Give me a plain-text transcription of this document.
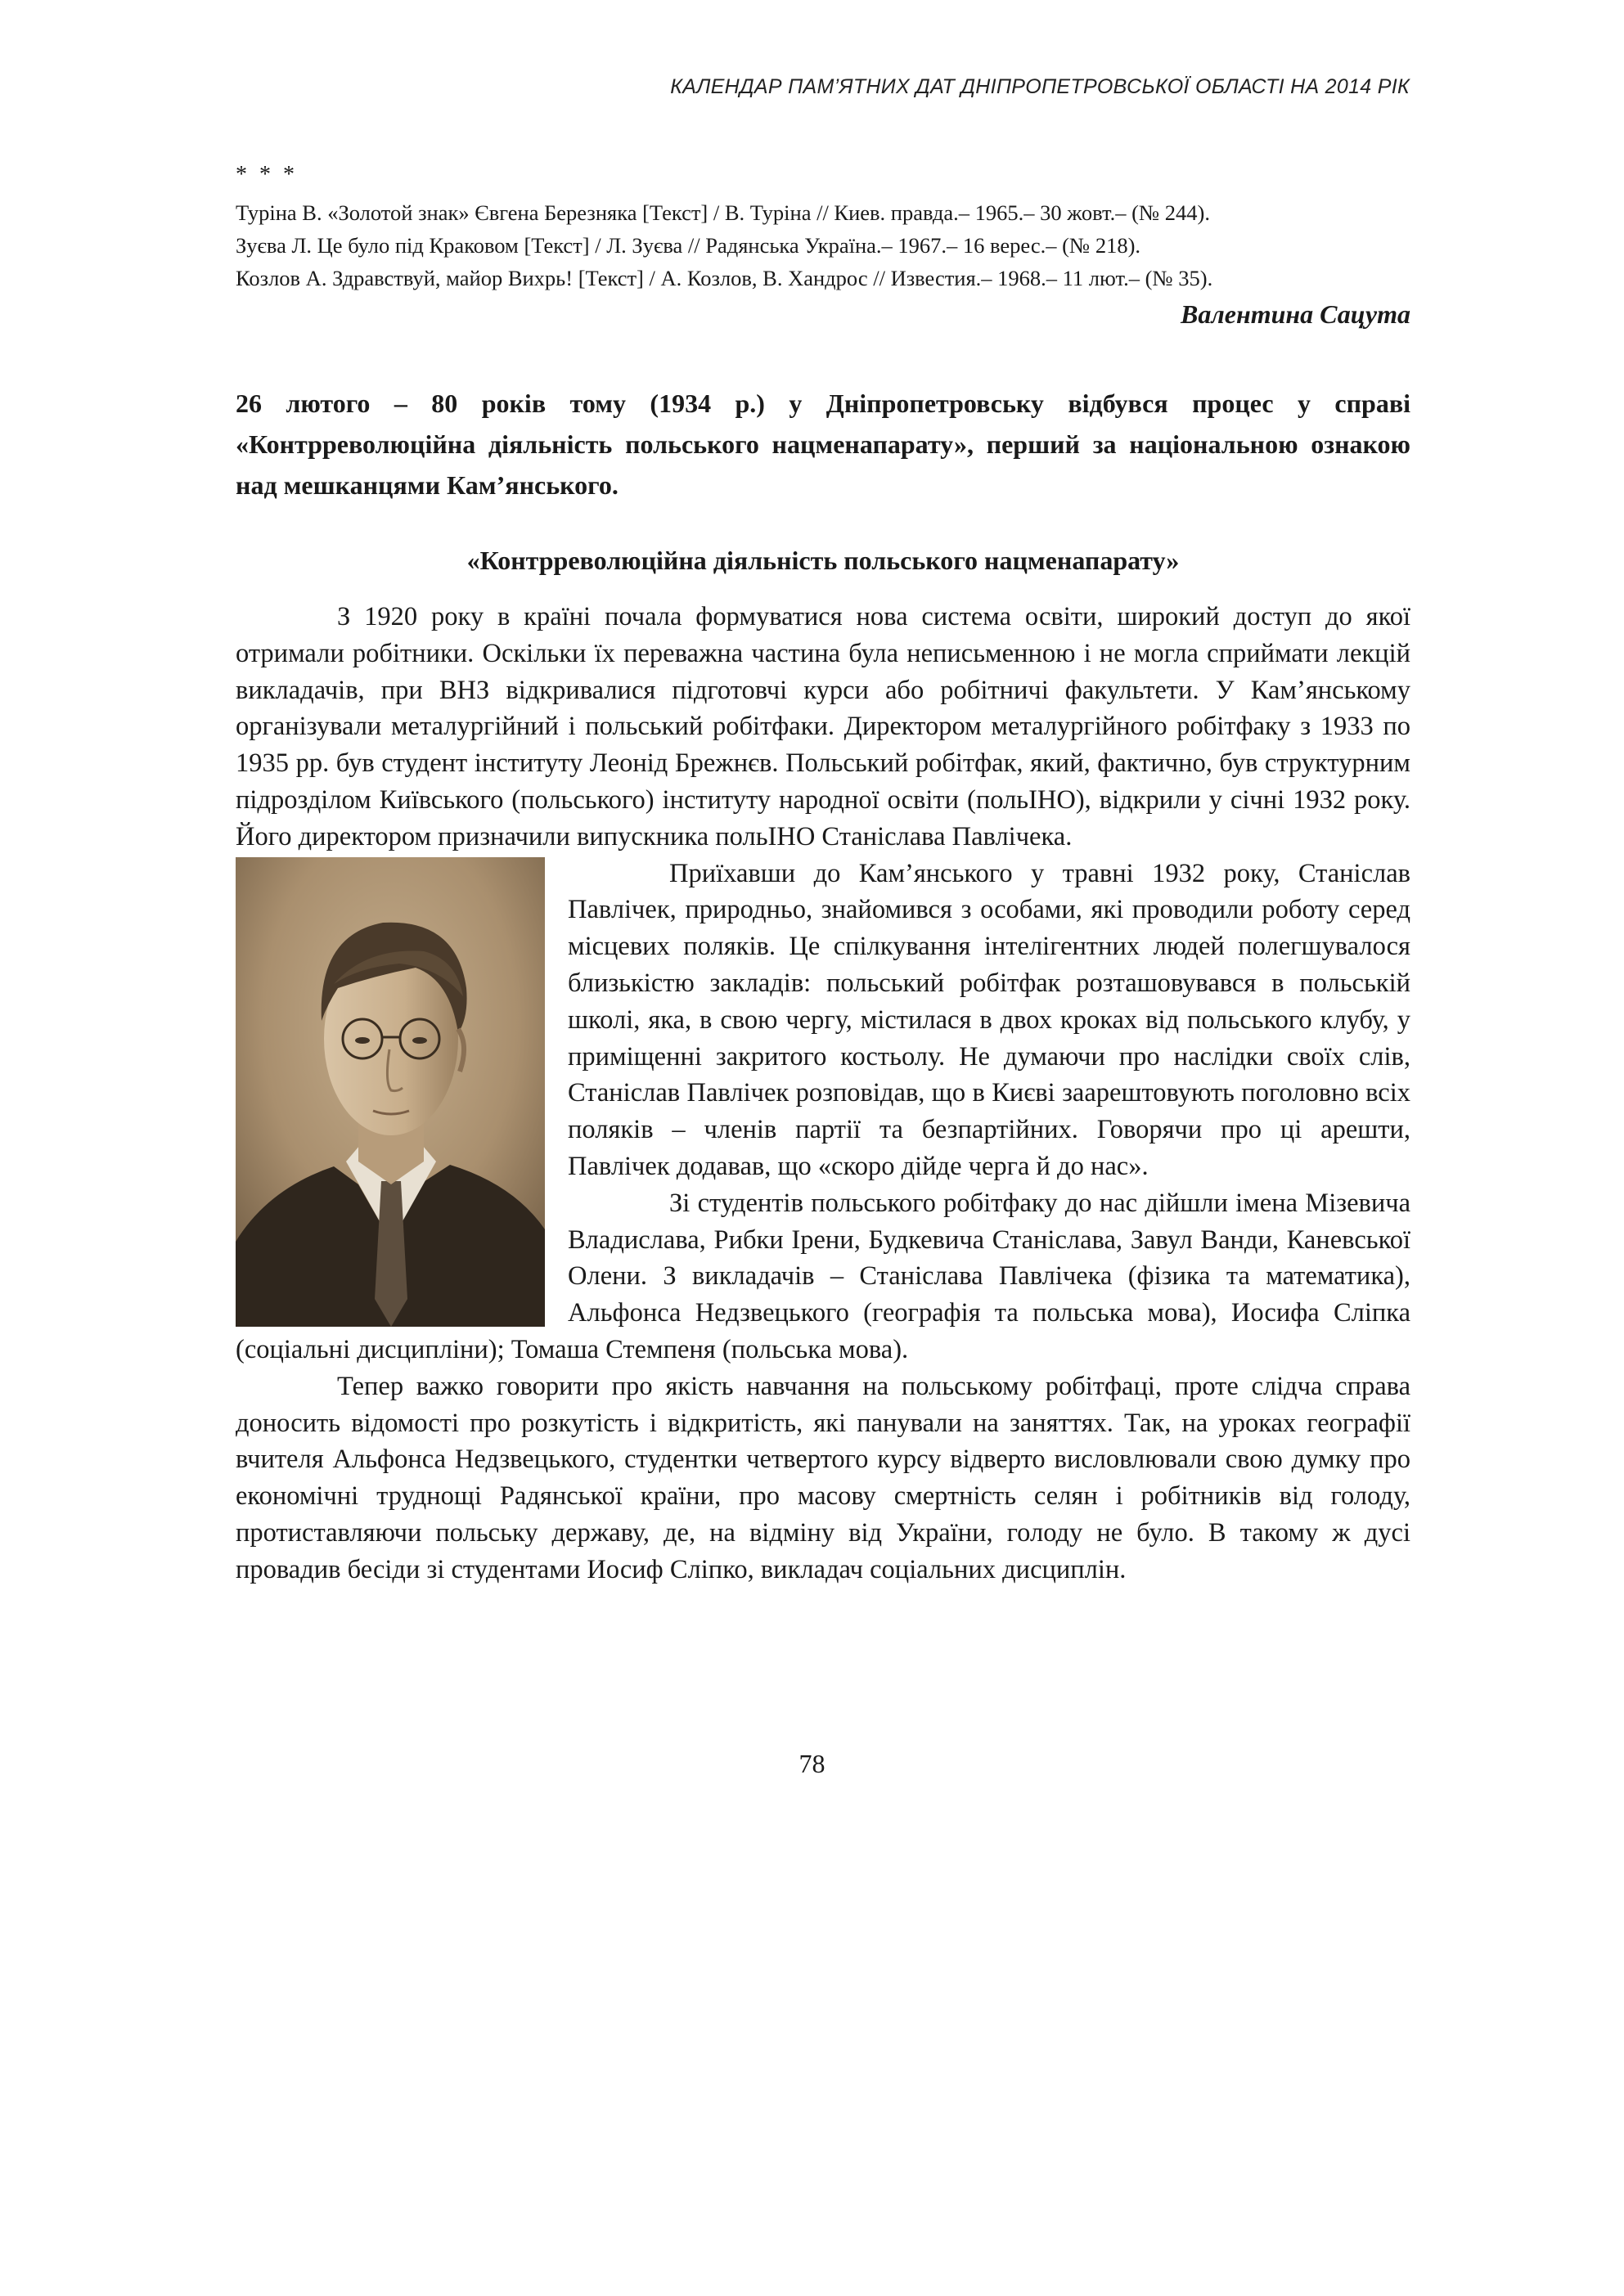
КАЛЕНДАР ПАМ’ЯТНИХ ДАТ ДНІПРОПЕТРОВСЬКОЇ ОБЛАСТІ НА 2014 РІК
* * *

Турiна В. «Золотой знак» Євгена Березняка [Текст] / В. Туріна // Киев. правда.– 1965.– 30 жовт.– (№ 244).

Зуєва Л. Це було під Краковом [Текст] / Л. Зуєва // Радянська Україна.– 1967.– 16 верес.– (№ 218).

Козлов А. Здравствуй, майор Вихрь! [Текст] / А. Козлов, В. Хандрос // Известия.– 1968.– 11 лют.– (№ 35).

Валентина Сацута
26 лютого – 80 років тому (1934 р.) у Дніпропетровську відбувся процес у справі «Контрреволюційна діяльність польського нацменапарату», перший за національною ознакою над мешканцями Кам’янського.
«Контрреволюційна діяльність польського нацменапарату»

З 1920 року в країні почала формуватися нова система освіти, широкий доступ до якої отримали робітники. Оскільки їх переважна частина була неписьменною і не могла сприймати лекцій викладачів, при ВНЗ відкривалися підготовчі курси або робітничі факультети. У Кам’янському організували металургійний і польський робітфаки. Директором металургійного робітфаку з 1933 по 1935 рр. був студент інституту Леонід Брежнєв. Польський робітфак, який, фактично, був структурним підрозділом Київського (польського) інституту народної освіти (польІНО), відкрили у січні 1932 року. Його директором призначили випускника польІНО Станіслава Павлічека.

Приїхавши до Кам’янського у травні 1932 року, Станіслав Павлічек, природньо, знайомився з особами, які проводили роботу серед місцевих поляків. Це спілкування інтелігентних людей полегшувалося близькістю закладів: польський робітфак розташовувався в польській школі, яка, в свою чергу, містилася в двох кроках від польського клубу, у приміщенні закритого костьолу. Не думаючи про наслідки своїх слів, Станіслав Павлічек розповідав, що в Києві заарештовують поголовно всіх поляків – членів партії та безпартійних. Говорячи про ці арешти, Павлічек додавав, що «скоро дійде черга й до нас».

Зі студентів польського робітфаку до нас дійшли імена Мізевича Владислава, Рибки Ірени, Будкевича Станіслава, Завул Ванди, Каневської Олени. З викладачів – Станіслава Павлічека (фізика та математика), Альфонса Недзвецького (географія та польська мова), Иосифа Сліпка (соціальні дисципліни); Томаша Стемпеня (польська мова).

Тепер важко говорити про якість навчання на польському робітфаці, проте слідча справа доносить відомості про розкутість і відкритість, які панували на заняттях. Так, на уроках географії вчителя Альфонса Недзвецького, студентки четвертого курсу відверто висловлювали свою думку про економічні труднощі Радянської країни, про масову смертність селян і робітників від голоду, протиставляючи польську державу, де, на відміну від України, голоду не було. В такому ж дусі провадив бесіди зі студентами Иосиф Сліпко, викладач соціальних дисциплін.

78
